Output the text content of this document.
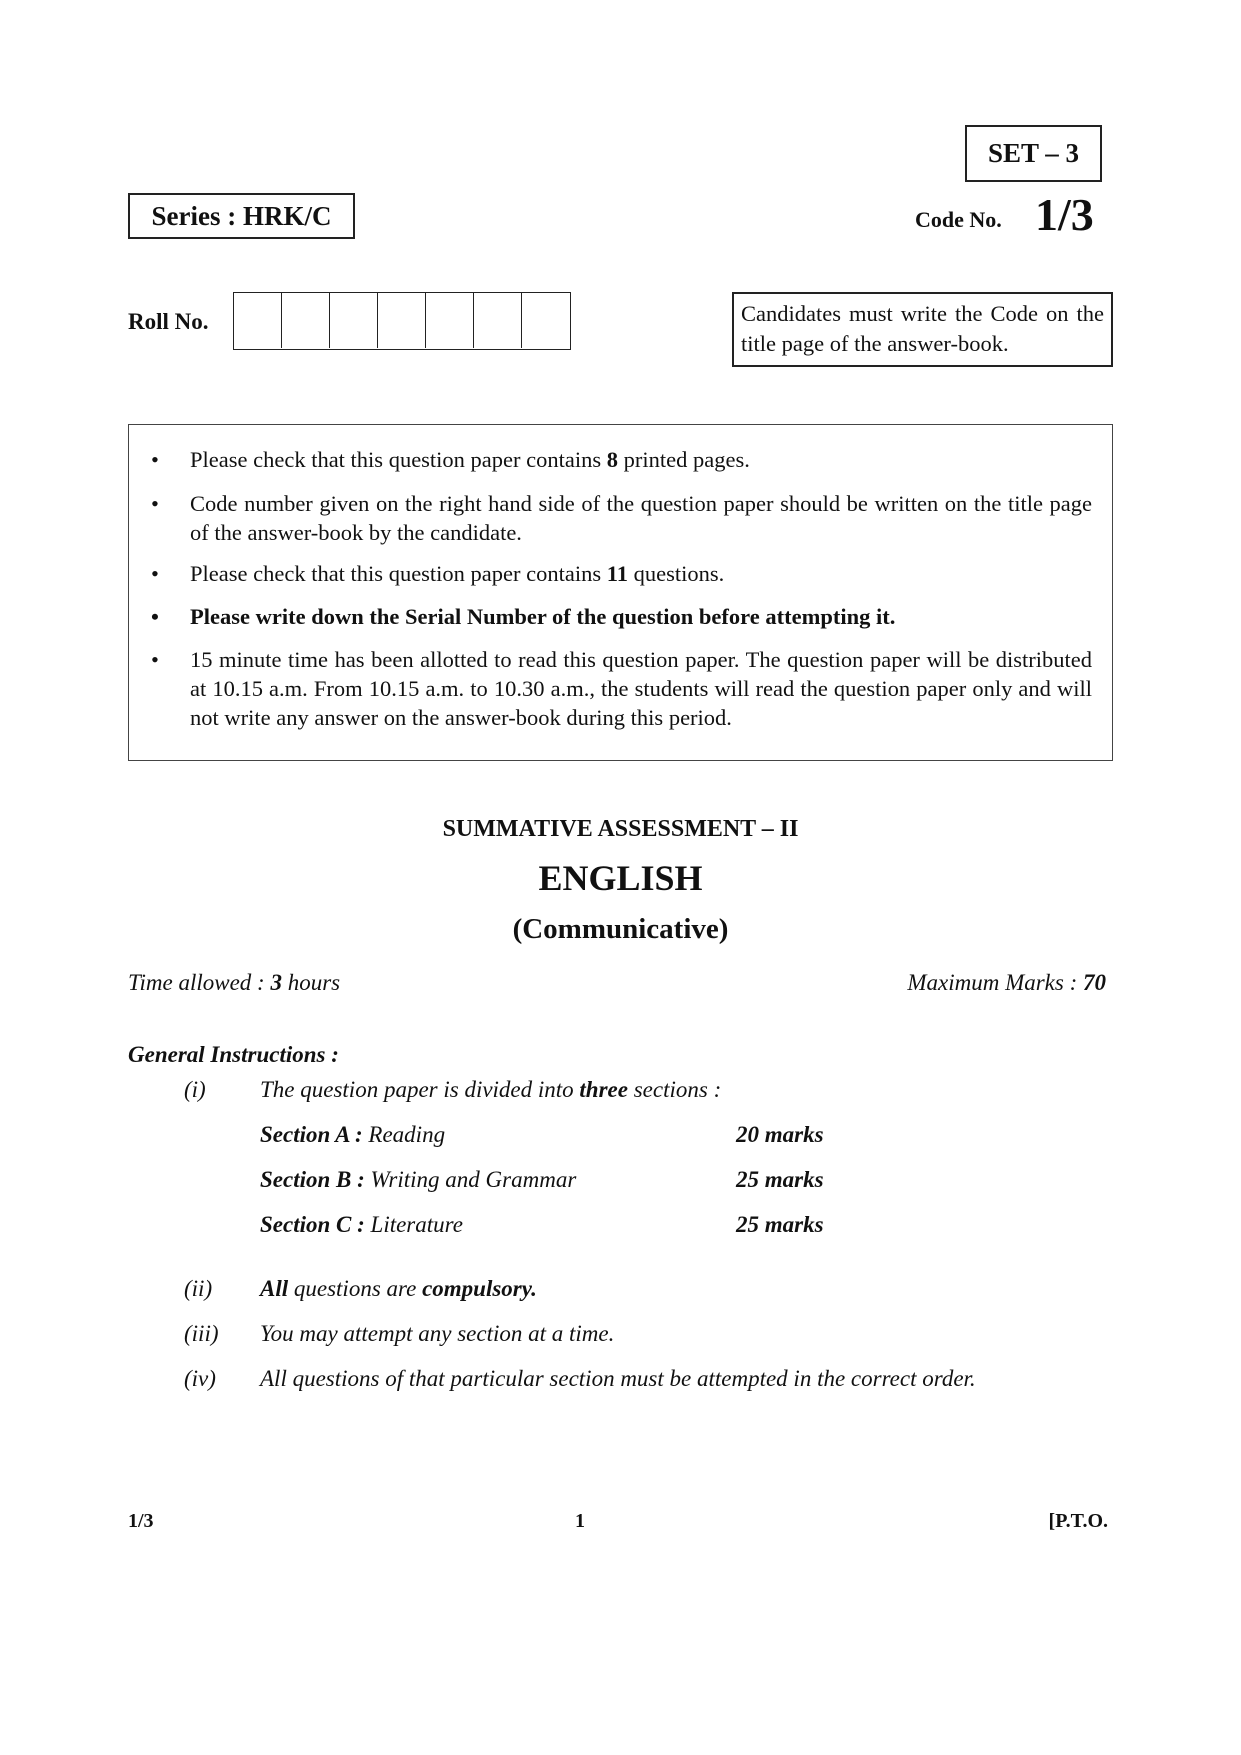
SET – 3
Series : HRK/C	Code No. 1/3
Roll No.	Candidates must write the Code on the title page of the answer-book.
• Please check that this question paper contains 8 printed pages.
• Code number given on the right hand side of the question paper should be written on the title page of the answer-book by the candidate.
• Please check that this question paper contains 11 questions.
• Please write down the Serial Number of the question before attempting it.
• 15 minute time has been allotted to read this question paper. The question paper will be distributed at 10.15 a.m. From 10.15 a.m. to 10.30 a.m., the students will read the question paper only and will not write any answer on the answer-book during this period.
SUMMATIVE ASSESSMENT – II
ENGLISH
(Communicative)
Time allowed : 3 hours	Maximum Marks : 70
General Instructions :
(i) The question paper is divided into three sections :
Section A : Reading	20 marks
Section B : Writing and Grammar	25 marks
Section C : Literature	25 marks
(ii) All questions are compulsory.
(iii) You may attempt any section at a time.
(iv) All questions of that particular section must be attempted in the correct order.
1/3	1	[P.T.O.
